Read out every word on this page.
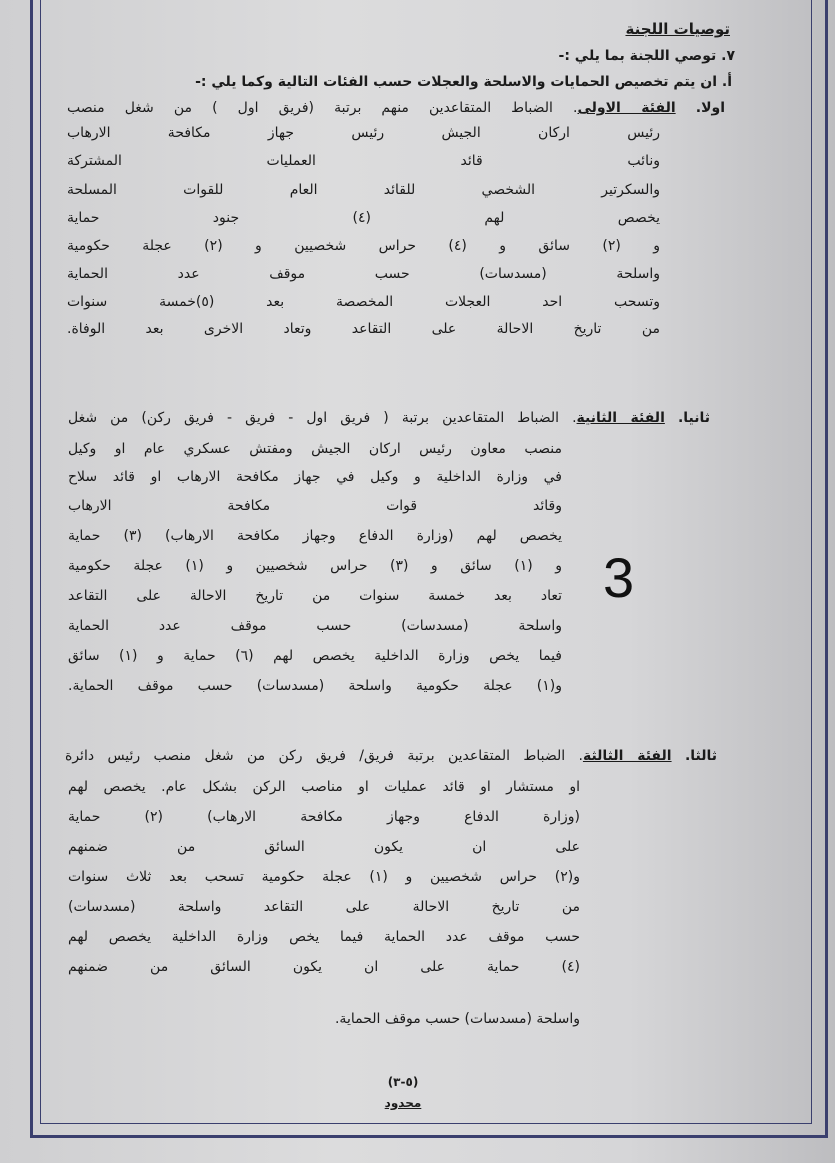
توصيات اللجنة
٧. توصي اللجنة بما يلي :-
أ. ان يتم تخصيص الحمايات والاسلحة والعجلات حسب الفئات التالية وكما يلي :-
اولا. الفئة الاولى. الضباط المتقاعدين منهم برتبة (فريق اول ) من شغل منصب
رئيس اركان الجيش رئيس جهاز مكافحة الارهاب
ونائب قائد العمليات المشتركة
والسكرتير الشخصي للقائد العام للقوات المسلحة
يخصص لهم (٤) جنود حماية
و (٢) سائق و (٤) حراس شخصيين و (٢) عجلة حكومية
واسلحة (مسدسات) حسب موقف عدد الحماية
وتسحب احد العجلات المخصصة بعد (٥)خمسة سنوات
من تاريخ الاحالة على التقاعد وتعاد الاخرى بعد الوفاة.
ثانيا. الفئة الثانية. الضباط المتقاعدين برتبة ( فريق اول - فريق - فريق ركن) من شغل
منصب معاون رئيس اركان الجيش ومفتش عسكري عام او وكيل
في وزارة الداخلية و وكيل في جهاز مكافحة الارهاب او قائد سلاح
وقائد قوات مكافحة الارهاب
يخصص لهم (وزارة الدفاع وجهاز مكافحة الارهاب) (٣) حماية
و (١) سائق و (٣) حراس شخصيين و (١) عجلة حكومية
تعاد بعد خمسة سنوات من تاريخ الاحالة على التقاعد
واسلحة (مسدسات) حسب موقف عدد الحماية
فيما يخص وزارة الداخلية يخصص لهم (٦) حماية و (١) سائق
و(١) عجلة حكومية واسلحة (مسدسات) حسب موقف الحماية.
3
ثالثا. الفئة الثالثة. الضباط المتقاعدين برتبة فريق/ فريق ركن من شغل منصب رئيس دائرة
او مستشار او قائد عمليات او مناصب الركن بشكل عام. يخصص لهم
(وزارة الدفاع وجهاز مكافحة الارهاب) (٢) حماية
على ان يكون السائق من ضمنهم
و(٢) حراس شخصيين و (١) عجلة حكومية تسحب بعد ثلاث سنوات
من تاريخ الاحالة على التقاعد واسلحة (مسدسات)
حسب موقف عدد الحماية فيما يخص وزارة الداخلية يخصص لهم
(٤) حماية على ان يكون السائق من ضمنهم
واسلحة (مسدسات) حسب موقف الحماية.
(٥-٣)
محدود
